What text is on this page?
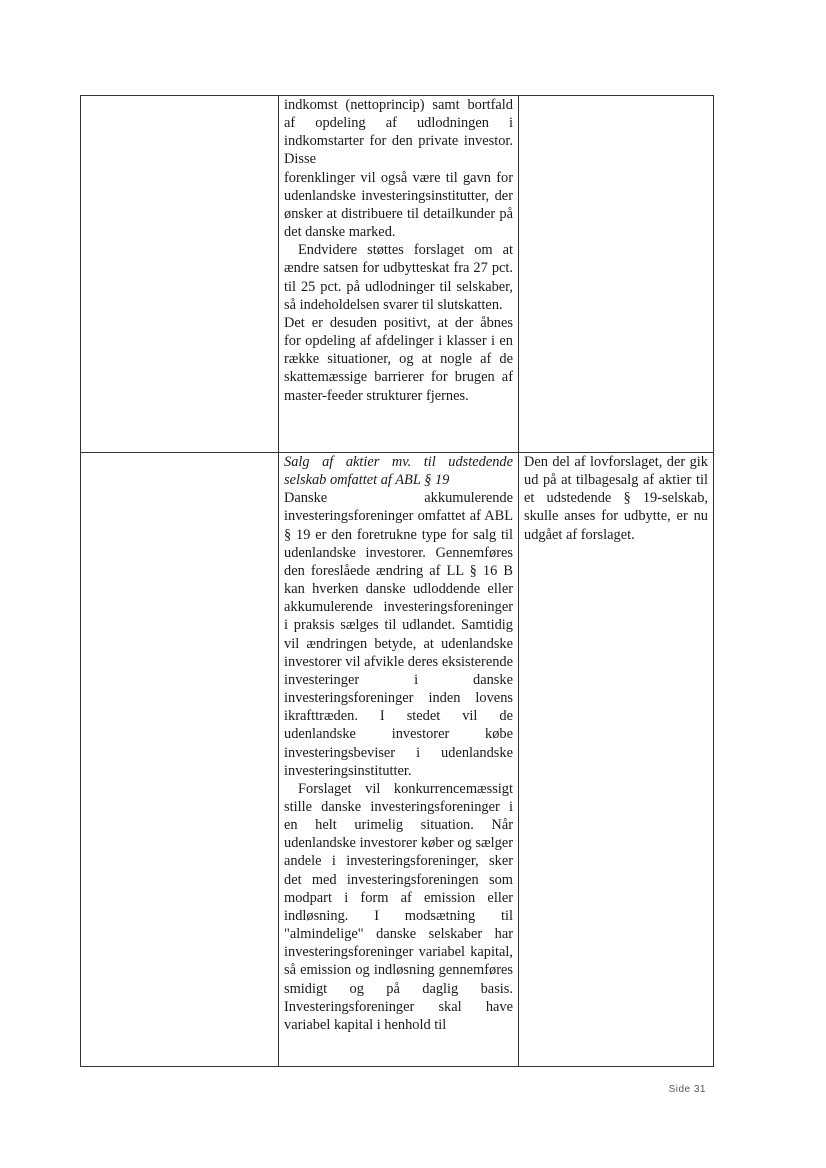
	indkomst (nettoprincip) samt bortfald af opdeling af udlodningen i indkomstarter for den private investor. Disse

forenklinger vil også være til gavn for udenlandske investeringsinstitutter, der ønsker at distribuere til detailkunder på det danske marked.

Endvidere støttes forslaget om at ændre satsen for udbytteskat fra 27 pct. til 25 pct. på udlodninger til selskaber, så indeholdelsen svarer til slutskatten.

Det er desuden positivt, at der åbnes for opdeling af afdelinger i klasser i en række situationer, og at nogle af de skattemæssige barrierer for brugen af master-feeder strukturer fjernes.	

	Salg af aktier mv. til udstedende selskab omfattet af ABL § 19

Danske akkumulerende investeringsforeninger omfattet af ABL § 19 er den foretrukne type for salg til udenlandske investorer. Gennemføres den foreslåede ændring af LL § 16 B kan hverken danske udloddende eller akkumulerende investeringsforeninger i praksis sælges til udlandet. Samtidig vil ændringen betyde, at udenlandske investorer vil afvikle deres eksisterende investeringer i danske investeringsforeninger inden lovens ikrafttræden. I stedet vil de udenlandske investorer købe investeringsbeviser i udenlandske investeringsinstitutter.

Forslaget vil konkurrencemæssigt stille danske investeringsforeninger i en helt urimelig situation. Når udenlandske investorer køber og sælger andele i investeringsforeninger, sker det med investeringsforeningen som modpart i form af emission eller indløsning. I modsætning til "almindelige" danske selskaber har investeringsforeninger variabel kapital, så emission og indløsning gennemføres smidigt og på daglig basis. Investeringsforeninger skal have variabel kapital i henhold til	Den del af lovforslaget, der gik ud på at tilbagesalg af aktier til et udstedende § 19-selskab, skulle anses for udbytte, er nu udgået af forslaget.

Side 31
